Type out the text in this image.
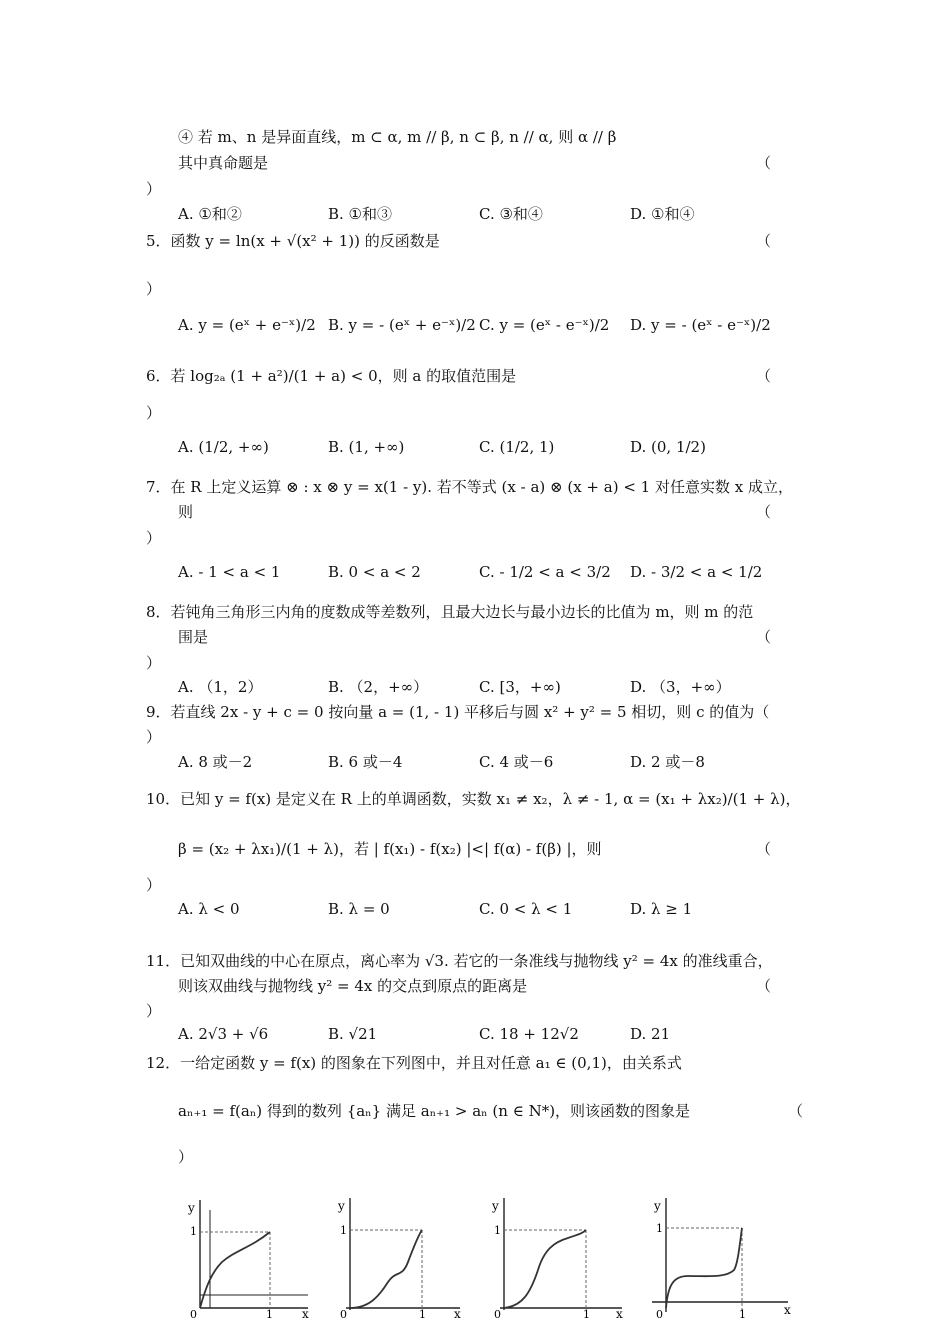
④ 若 m、n 是异面直线，m ⊂ α, m // β, n ⊂ β, n // α, 则 α // β
其中真命题是	（
）
A. ①和②	B. ①和③	C. ③和④	D. ①和④
5．函数 y = ln(x + √(x² + 1)) 的反函数是	（
）
A. y = (eˣ + e⁻ˣ)/2 B. y = - (eˣ + e⁻ˣ)/2 C. y = (eˣ - e⁻ˣ)/2 D. y = - (eˣ - e⁻ˣ)/2
6．若 log₂ₐ (1 + a²)/(1 + a) < 0，则 a 的取值范围是	（
）
A. (1/2, +∞)	B. (1, +∞)	C. (1/2, 1)	D. (0, 1/2)
7．在 R 上定义运算 ⊗ : x ⊗ y = x(1 - y). 若不等式 (x - a) ⊗ (x + a) < 1 对任意实数 x 成立，
则	（
）
A. - 1 < a < 1	B. 0 < a < 2	C. - 1/2 < a < 3/2 D. - 3/2 < a < 1/2
8．若钝角三角形三内角的度数成等差数列，且最大边长与最小边长的比值为 m，则 m 的范
围是	（
）
A. （1，2）	B. （2，+∞）	C. [3，+∞)	D. （3，+∞）
9．若直线 2x - y + c = 0 按向量 a = (1, - 1) 平移后与圆 x² + y² = 5 相切，则 c 的值为（
）
A. 8 或－2	B. 6 或－4	C. 4 或－6	D. 2 或－8
10．已知 y = f(x) 是定义在 R 上的单调函数，实数 x₁ ≠ x₂，λ ≠ - 1, α = (x₁ + λx₂)/(1 + λ)，
β = (x₂ + λx₁)/(1 + λ)，若 | f(x₁) - f(x₂) |<| f(α) - f(β) |，则	（
）
A. λ < 0	B. λ = 0	C. 0 < λ < 1	D. λ ≥ 1
11．已知双曲线的中心在原点，离心率为 √3. 若它的一条准线与抛物线 y² = 4x 的准线重合，
则该双曲线与抛物线 y² = 4x 的交点到原点的距离是	（
）
A. 2√3 + √6	B. √21	C. 18 + 12√2	D. 21
12．一给定函数 y = f(x) 的图象在下列图中，并且对任意 a₁ ∈ (0,1)，由关系式
aₙ₊₁ = f(aₙ) 得到的数列 {aₙ} 满足 aₙ₊₁ > aₙ (n ∈ N*)，则该函数的图象是	（
）
y
1
0	1 x
y
1
0	1 x
y
1
0	1 x
y
1
0	1	x
